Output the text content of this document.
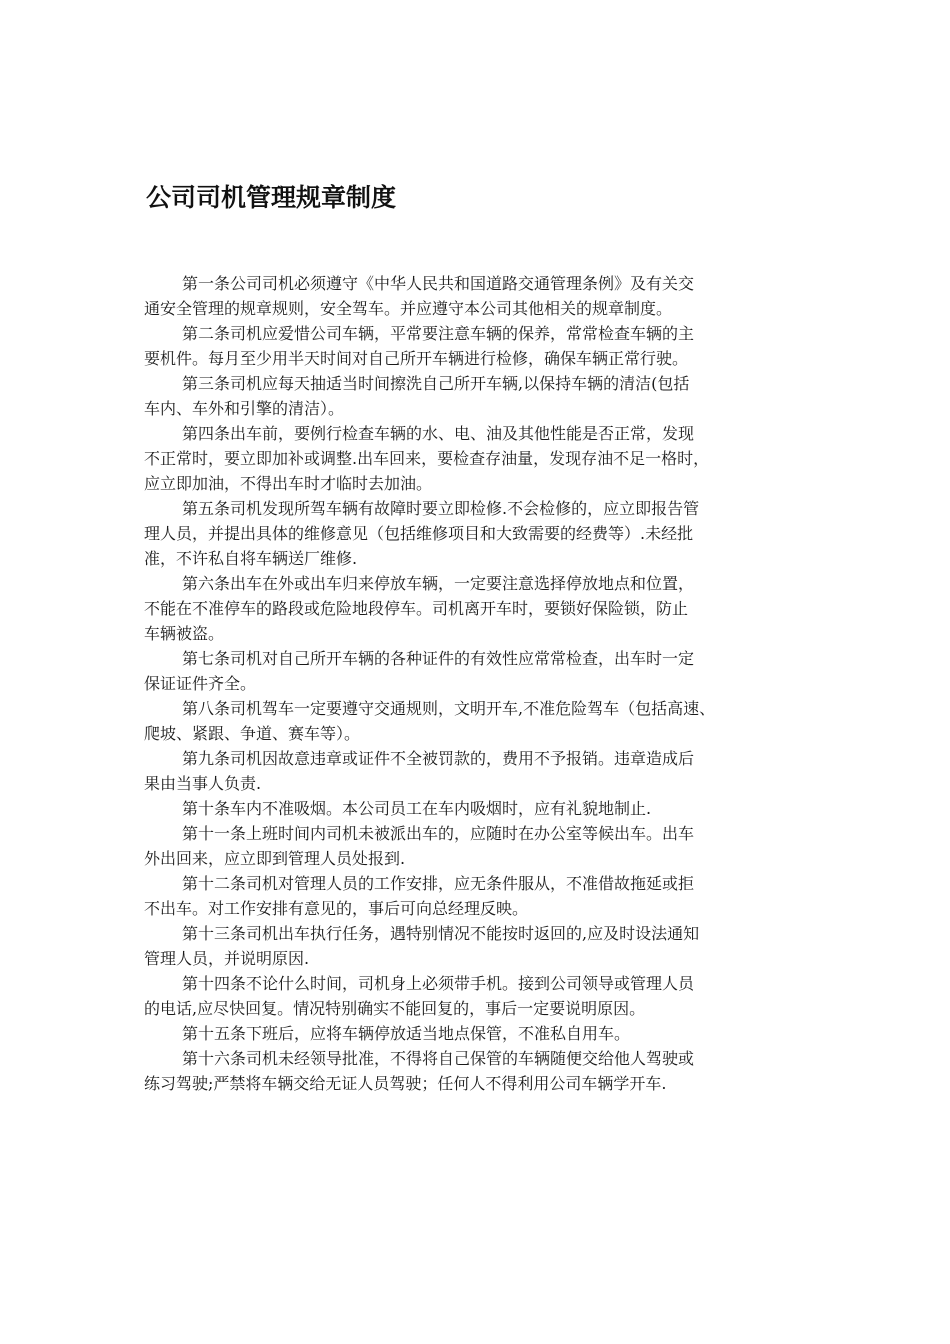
公司司机管理规章制度

第一条公司司机必须遵守《中华人民共和国道路交通管理条例》及有关交
通安全管理的规章规则，安全驾车。并应遵守本公司其他相关的规章制度。

第二条司机应爱惜公司车辆，平常要注意车辆的保养，常常检查车辆的主
要机件。每月至少用半天时间对自己所开车辆进行检修，确保车辆正常行驶。

第三条司机应每天抽适当时间擦洗自己所开车辆,以保持车辆的清洁(包括
车内、车外和引擎的清洁）。

第四条出车前，要例行检查车辆的水、电、油及其他性能是否正常，发现
不正常时，要立即加补或调整.出车回来，要检查存油量，发现存油不足一格时，
应立即加油，不得出车时才临时去加油。

第五条司机发现所驾车辆有故障时要立即检修.不会检修的，应立即报告管
理人员，并提出具体的维修意见（包括维修项目和大致需要的经费等）.未经批
准，不许私自将车辆送厂维修.

第六条出车在外或出车归来停放车辆，一定要注意选择停放地点和位置，
不能在不准停车的路段或危险地段停车。司机离开车时，要锁好保险锁，防止
车辆被盗。

第七条司机对自己所开车辆的各种证件的有效性应常常检查，出车时一定
保证证件齐全。

第八条司机驾车一定要遵守交通规则，文明开车,不准危险驾车（包括高速、
爬坡、紧跟、争道、赛车等）。

第九条司机因故意违章或证件不全被罚款的，费用不予报销。违章造成后
果由当事人负责.

第十条车内不准吸烟。本公司员工在车内吸烟时，应有礼貌地制止.

第十一条上班时间内司机未被派出车的，应随时在办公室等候出车。出车
外出回来，应立即到管理人员处报到.

第十二条司机对管理人员的工作安排，应无条件服从，不准借故拖延或拒
不出车。对工作安排有意见的，事后可向总经理反映。

第十三条司机出车执行任务，遇特别情况不能按时返回的,应及时设法通知
管理人员，并说明原因.

第十四条不论什么时间，司机身上必须带手机。接到公司领导或管理人员
的电话,应尽快回复。情况特别确实不能回复的，事后一定要说明原因。

第十五条下班后，应将车辆停放适当地点保管，不准私自用车。

第十六条司机未经领导批准，不得将自己保管的车辆随便交给他人驾驶或
练习驾驶;严禁将车辆交给无证人员驾驶；任何人不得利用公司车辆学开车.
